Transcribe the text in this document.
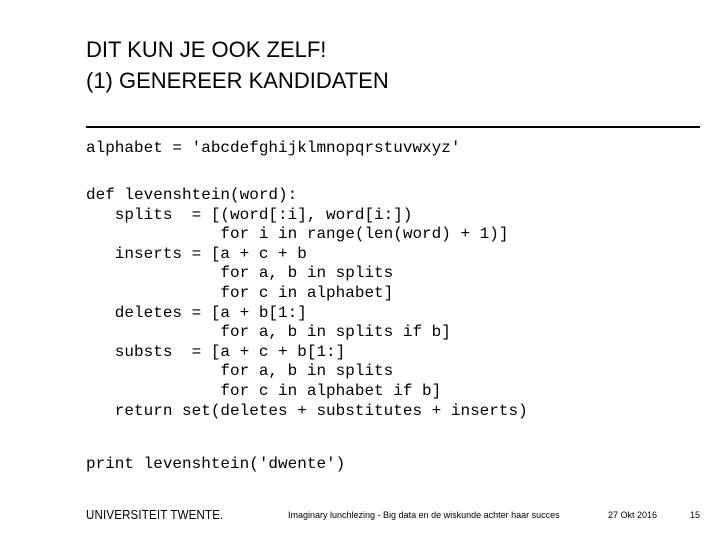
DIT KUN JE OOK ZELF!
(1) GENEREER KANDIDATEN
alphabet = 'abcdefghijklmnopqrstuvwxyz'
def levenshtein(word):
splits  = [(word[:i], word[i:])
for i in range(len(word) + 1)]
inserts = [a + c + b
for a, b in splits
for c in alphabet]
deletes = [a + b[1:]
for a, b in splits if b]
substs  = [a + c + b[1:]
for a, b in splits
for c in alphabet if b]
return set(deletes + substitutes + inserts)
print levenshtein('dwente')
UNIVERSITEIT TWENTE.	Imaginary lunchlezing - Big data en de wiskunde achter haar succes	27 Okt 2016	15
